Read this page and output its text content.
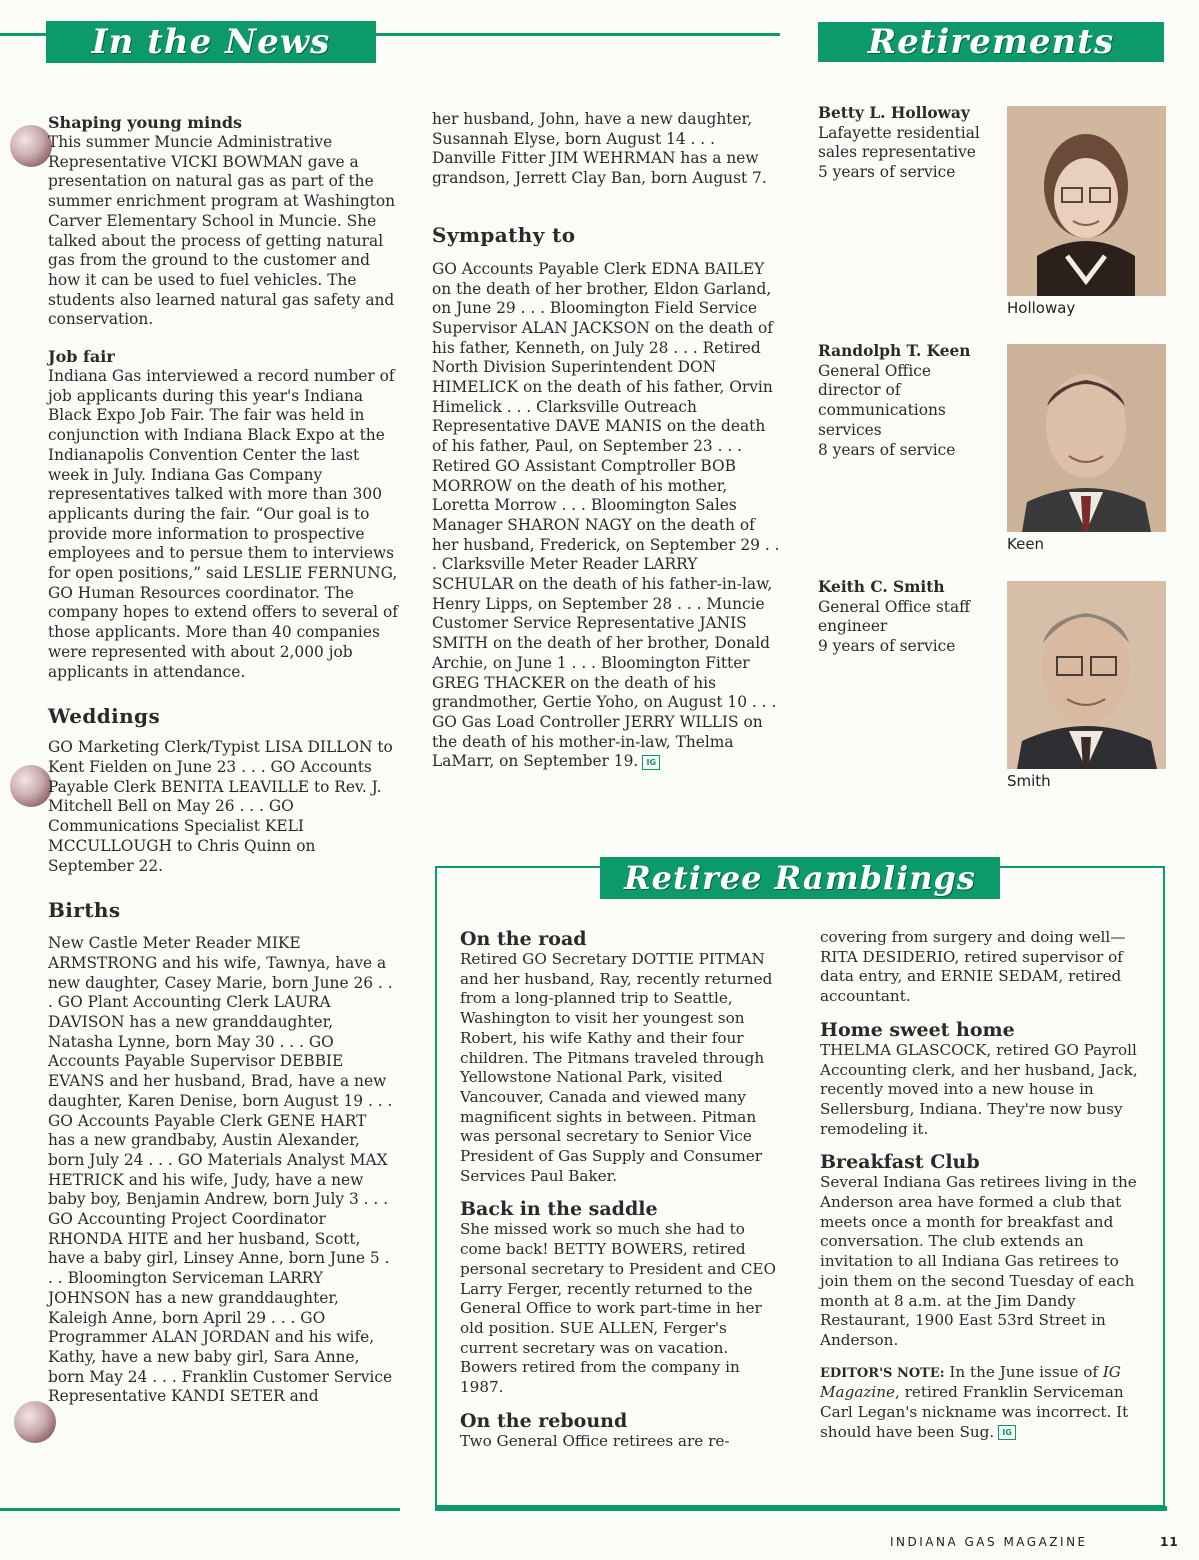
In the News	Retirements

Shaping young minds

This summer Muncie Administrative Representative VICKI BOWMAN gave a presentation on natural gas as part of the summer enrichment program at Washington Carver Elementary School in Muncie. She talked about the process of getting natural gas from the ground to the customer and how it can be used to fuel vehicles. The students also learned natural gas safety and conservation.

Job fair

Indiana Gas interviewed a record number of job applicants during this year's Indiana Black Expo Job Fair. The fair was held in conjunction with Indiana Black Expo at the Indianapolis Convention Center the last week in July. Indiana Gas Company representatives talked with more than 300 applicants during the fair. “Our goal is to provide more information to prospective employees and to persue them to interviews for open positions,” said LESLIE FERNUNG, GO Human Resources coordinator. The company hopes to extend offers to several of those applicants. More than 40 companies were represented with about 2,000 job applicants in attendance.

Weddings

GO Marketing Clerk/Typist LISA DILLON to Kent Fielden on June 23 . . . GO Accounts Payable Clerk BENITA LEAVILLE to Rev. J. Mitchell Bell on May 26 . . . GO Communications Specialist KELI MCCULLOUGH to Chris Quinn on September 22.

Births

New Castle Meter Reader MIKE ARMSTRONG and his wife, Tawnya, have a new daughter, Casey Marie, born June 26 . . . GO Plant Accounting Clerk LAURA DAVISON has a new granddaughter, Natasha Lynne, born May 30 . . . GO Accounts Payable Supervisor DEBBIE EVANS and her husband, Brad, have a new daughter, Karen Denise, born August 19 . . . GO Accounts Payable Clerk GENE HART has a new grandbaby, Austin Alexander, born July 24 . . . GO Materials Analyst MAX HETRICK and his wife, Judy, have a new baby boy, Benjamin Andrew, born July 3 . . . GO Accounting Project Coordinator RHONDA HITE and her husband, Scott, have a baby girl, Linsey Anne, born June 5 . . . Bloomington Serviceman LARRY JOHNSON has a new granddaughter, Kaleigh Anne, born April 29 . . . GO Programmer ALAN JORDAN and his wife, Kathy, have a new baby girl, Sara Anne, born May 24 . . . Franklin Customer Service Representative KANDI SETER and

her husband, John, have a new daughter, Susannah Elyse, born August 14 . . . Danville Fitter JIM WEHRMAN has a new grandson, Jerrett Clay Ban, born August 7.

Sympathy to

GO Accounts Payable Clerk EDNA BAILEY on the death of her brother, Eldon Garland, on June 29 . . . Bloomington Field Service Supervisor ALAN JACKSON on the death of his father, Kenneth, on July 28 . . . Retired North Division Superintendent DON HIMELICK on the death of his father, Orvin Himelick . . . Clarksville Outreach Representative DAVE MANIS on the death of his father, Paul, on September 23 . . . Retired GO Assistant Comptroller BOB MORROW on the death of his mother, Loretta Morrow . . . Bloomington Sales Manager SHARON NAGY on the death of her husband, Frederick, on September 29 . . . Clarksville Meter Reader LARRY SCHULAR on the death of his father-in-law, Henry Lipps, on September 28 . . . Muncie Customer Service Representative JANIS SMITH on the death of her brother, Donald Archie, on June 1 . . . Bloomington Fitter GREG THACKER on the death of his grandmother, Gertie Yoho, on August 10 . . . GO Gas Load Controller JERRY WILLIS on the death of his mother-in-law, Thelma LaMarr, on September 19. IG

Betty L. Holloway
Lafayette residential sales representative
5 years of service
Holloway
Randolph T. Keen
General Office director of communications services
8 years of service
Keen
Keith C. Smith
General Office staff engineer
9 years of service
Smith
Retiree Ramblings

On the road

Retired GO Secretary DOTTIE PITMAN and her husband, Ray, recently returned from a long-planned trip to Seattle, Washington to visit her youngest son Robert, his wife Kathy and their four children. The Pitmans traveled through Yellowstone National Park, visited Vancouver, Canada and viewed many magnificent sights in between. Pitman was personal secretary to Senior Vice President of Gas Supply and Consumer Services Paul Baker.

Back in the saddle

She missed work so much she had to come back! BETTY BOWERS, retired personal secretary to President and CEO Larry Ferger, recently returned to the General Office to work part-time in her old position. SUE ALLEN, Ferger's current secretary was on vacation. Bowers retired from the company in 1987.

On the rebound

Two General Office retirees are re-

covering from surgery and doing well—RITA DESIDERIO, retired supervisor of data entry, and ERNIE SEDAM, retired accountant.

Home sweet home

THELMA GLASCOCK, retired GO Payroll Accounting clerk, and her husband, Jack, recently moved into a new house in Sellersburg, Indiana. They're now busy remodeling it.

Breakfast Club

Several Indiana Gas retirees living in the Anderson area have formed a club that meets once a month for breakfast and conversation. The club extends an invitation to all Indiana Gas retirees to join them on the second Tuesday of each month at 8 a.m. at the Jim Dandy Restaurant, 1900 East 53rd Street in Anderson.

EDITOR'S NOTE: In the June issue of IG Magazine, retired Franklin Serviceman Carl Legan's nickname was incorrect. It should have been Sug. IG

INDIANA GAS MAGAZINE	11
